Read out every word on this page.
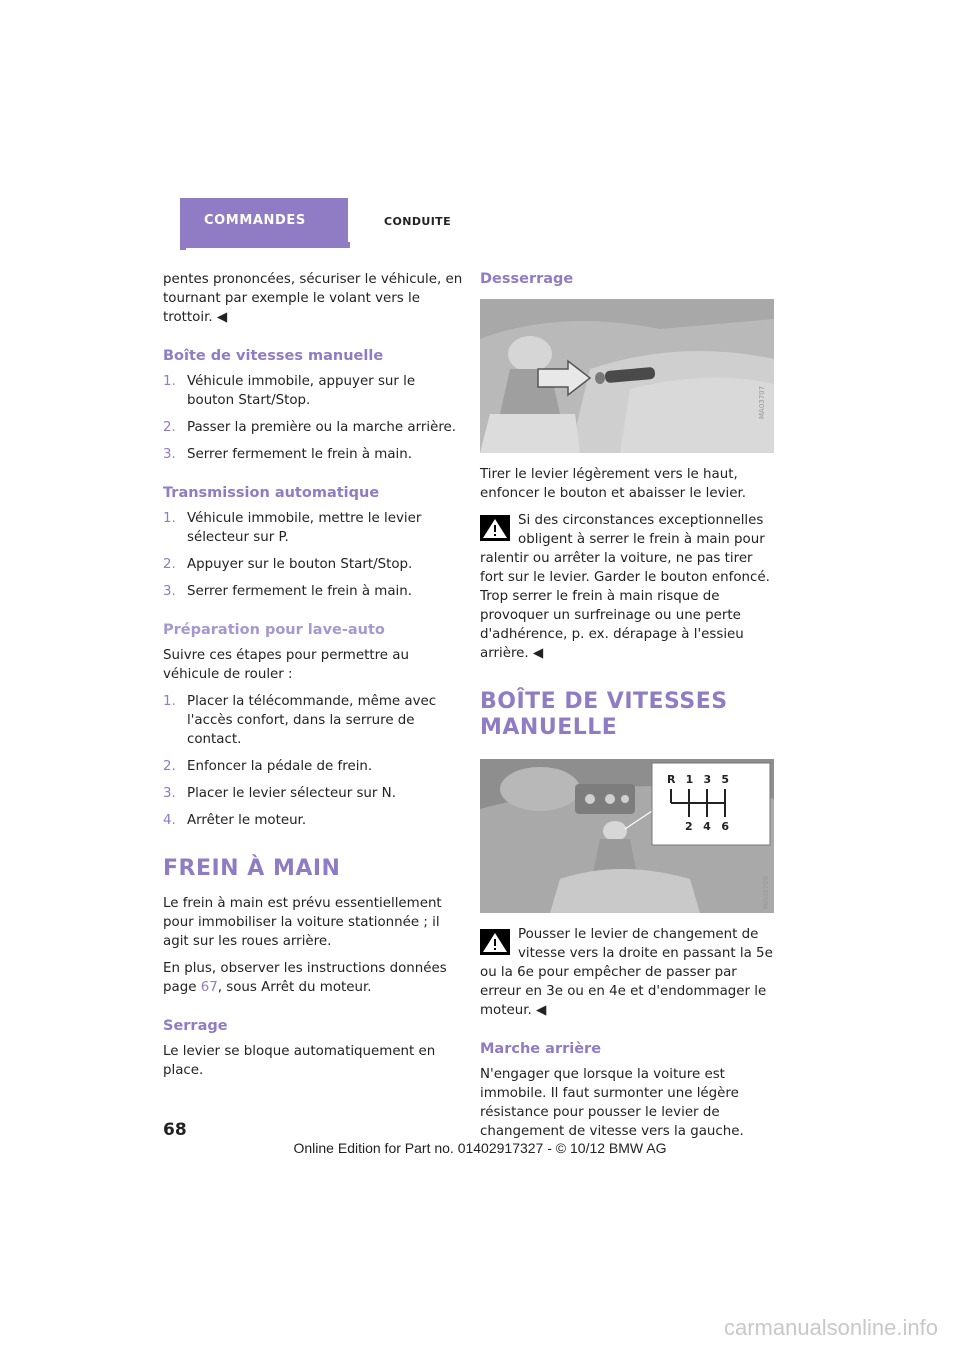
COMMANDES	CONDUITE

pentes prononcées, sécuriser le véhicule, en tournant par exemple le volant vers le trottoir. ◀

Boîte de vitesses manuelle
1. Véhicule immobile, appuyer sur le bouton Start/Stop.
2. Passer la première ou la marche arrière.
3. Serrer fermement le frein à main.
Transmission automatique
1. Véhicule immobile, mettre le levier sélecteur sur P.
2. Appuyer sur le bouton Start/Stop.
3. Serrer fermement le frein à main.
Préparation pour lave-auto

Suivre ces étapes pour permettre au véhicule de rouler :

1. Placer la télécommande, même avec l'accès confort, dans la serrure de contact.
2. Enfoncer la pédale de frein.
3. Placer le levier sélecteur sur N.
4. Arrêter le moteur.
FREIN À MAIN

Le frein à main est prévu essentiellement pour immobiliser la voiture stationnée ; il agit sur les roues arrière.

En plus, observer les instructions données page 67, sous Arrêt du moteur.

Serrage

Le levier se bloque automatiquement en place.

Desserrage
MA03707

Tirer le levier légèrement vers le haut, enfoncer le bouton et abaisser le levier.

Si des circonstances exceptionnelles obligent à serrer le frein à main pour ralentir ou arrêter la voiture, ne pas tirer fort sur le levier. Garder le bouton enfoncé.

Trop serrer le frein à main risque de provoquer un surfreinage ou une perte d'adhérence, p. ex. dérapage à l'essieu arrière. ◀

BOÎTE DE VITESSES MANUELLE
R 1 3 5
2 4 6
MA03708

Pousser le levier de changement de vitesse vers la droite en passant la 5e ou la 6e pour empêcher de passer par erreur en 3e ou en 4e et d'endommager le moteur. ◀

Marche arrière

N'engager que lorsque la voiture est immobile. Il faut surmonter une légère résistance pour pousser le levier de changement de vitesse vers la gauche.

68
Online Edition for Part no. 01402917327 - © 10/12 BMW AG
carmanualsonline.info
